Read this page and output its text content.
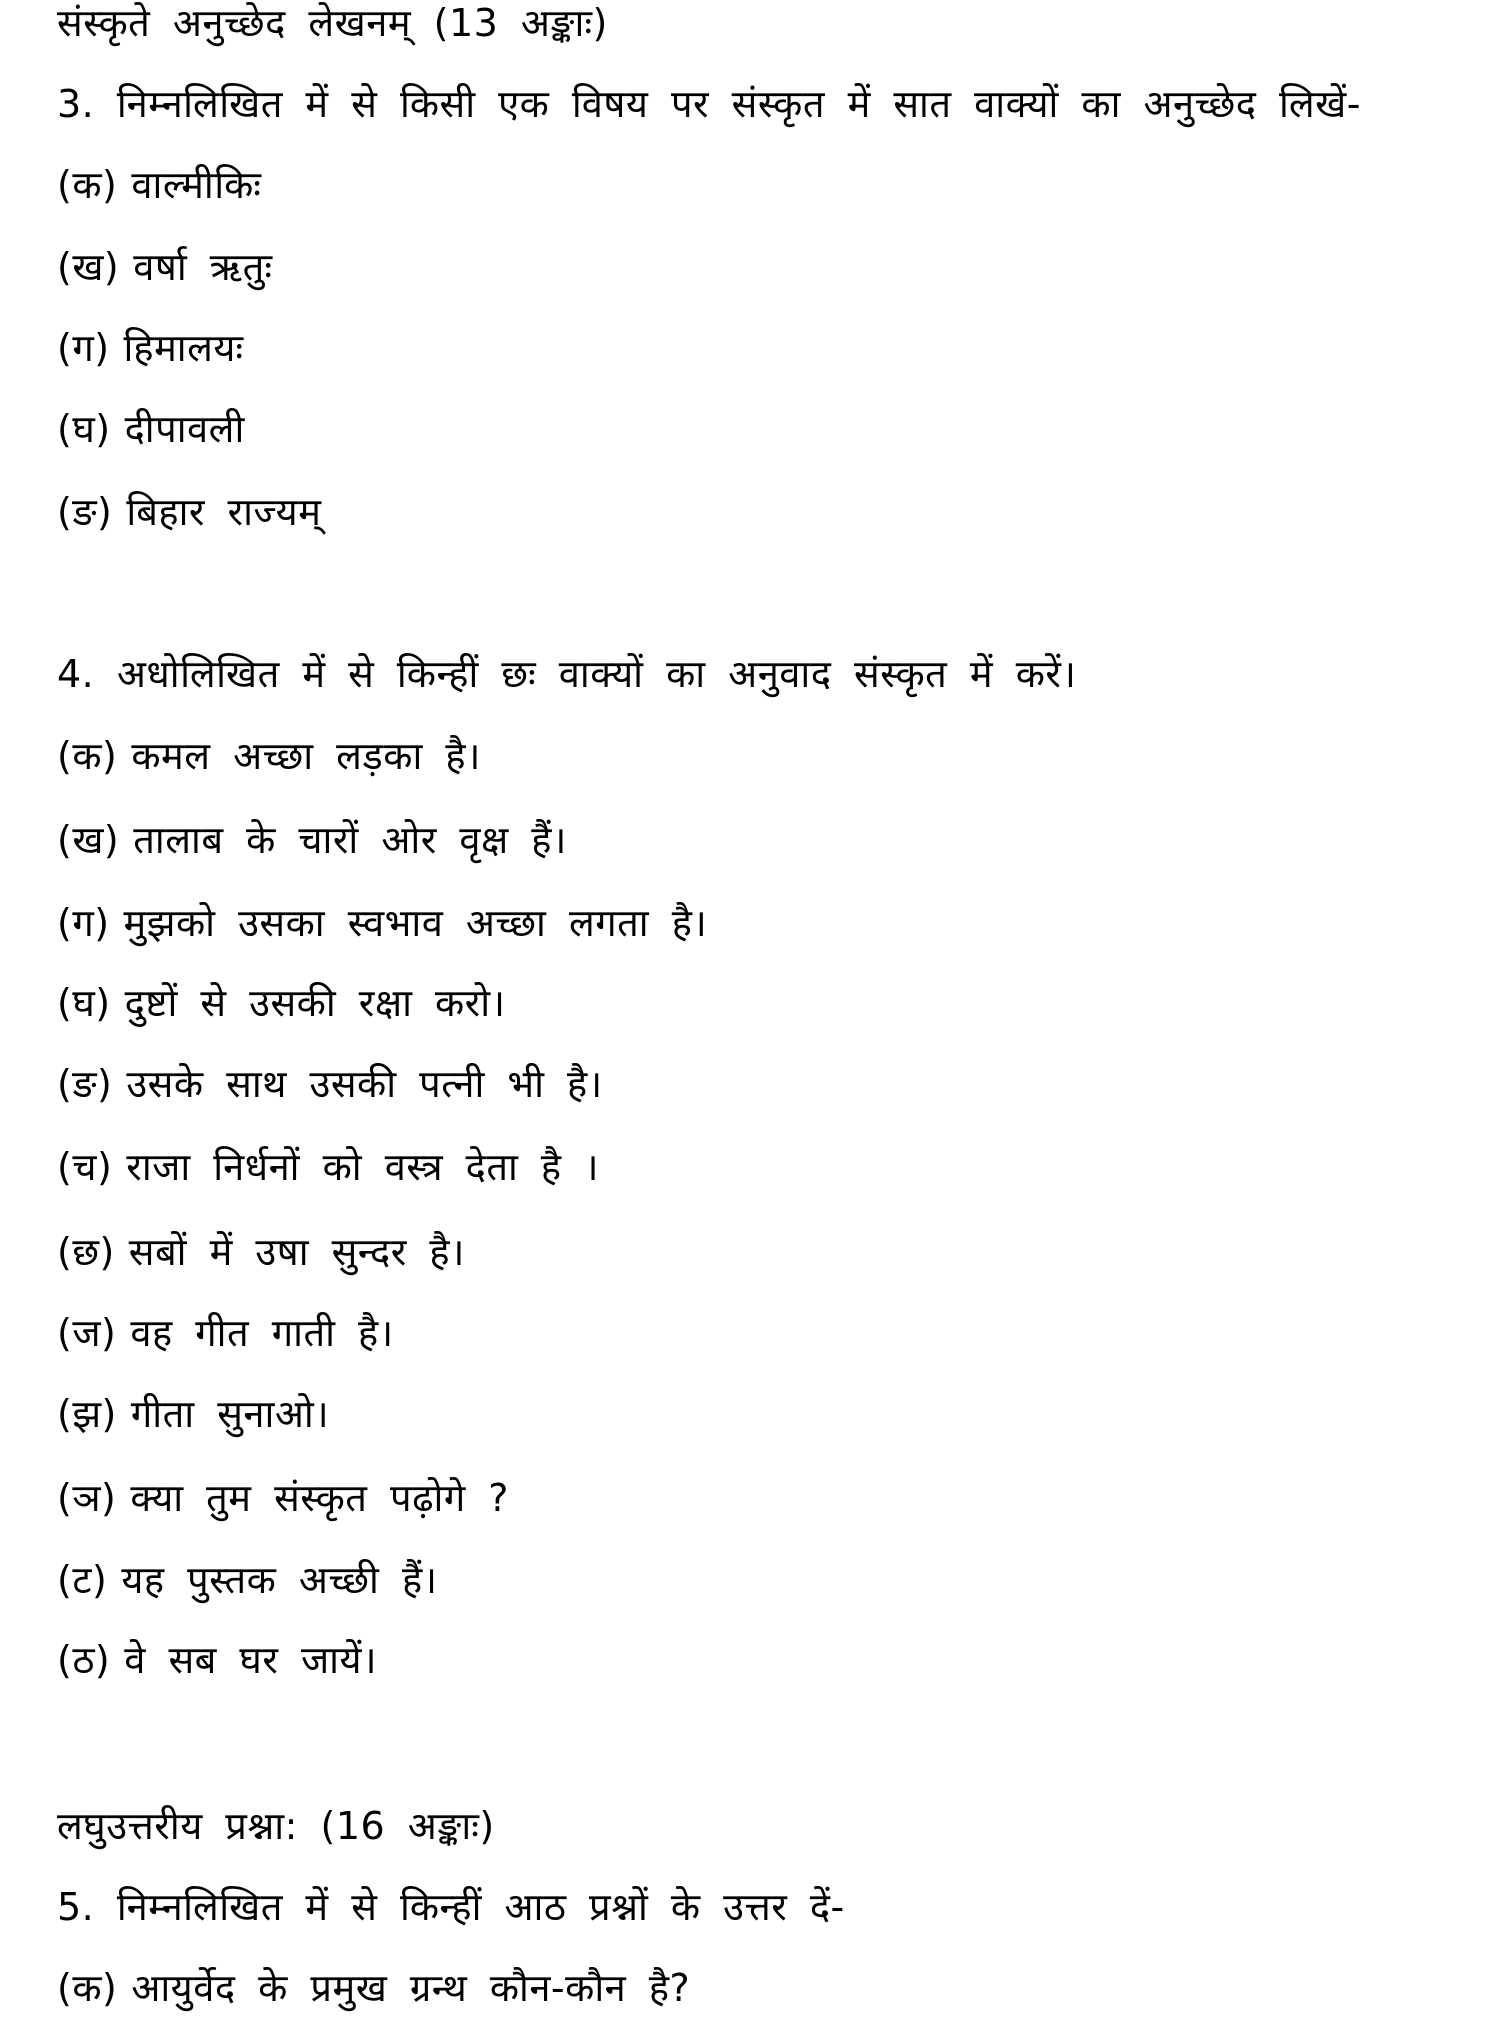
संस्कृते अनुच्छेद लेखनम् (13 अङ्काः)
3. निम्नलिखित में से किसी एक विषय पर संस्कृत में सात वाक्यों का अनुच्छेद लिखें-
(क) वाल्मीकिः
(ख) वर्षा ऋतुः
(ग) हिमालयः
(घ) दीपावली
(ङ) बिहार राज्यम्
4. अधोलिखित में से किन्हीं छः वाक्यों का अनुवाद संस्कृत में करें।
(क) कमल अच्छा लड़का है।
(ख) तालाब के चारों ओर वृक्ष हैं।
(ग) मुझको उसका स्वभाव अच्छा लगता है।
(घ) दुष्टों से उसकी रक्षा करो।
(ङ) उसके साथ उसकी पत्नी भी है।
(च) राजा निर्धनों को वस्त्र देता है ।
(छ) सबों में उषा सुन्दर है।
(ज) वह गीत गाती है।
(झ) गीता सुनाओ।
(ञ) क्या तुम संस्कृत पढ़ोगे ?
(ट) यह पुस्तक अच्छी हैं।
(ठ) वे सब घर जायें।
लघुउत्तरीय प्रश्ना: (16 अङ्काः)
5. निम्नलिखित में से किन्हीं आठ प्रश्नों के उत्तर दें-
(क) आयुर्वेद के प्रमुख ग्रन्थ कौन-कौन है?
